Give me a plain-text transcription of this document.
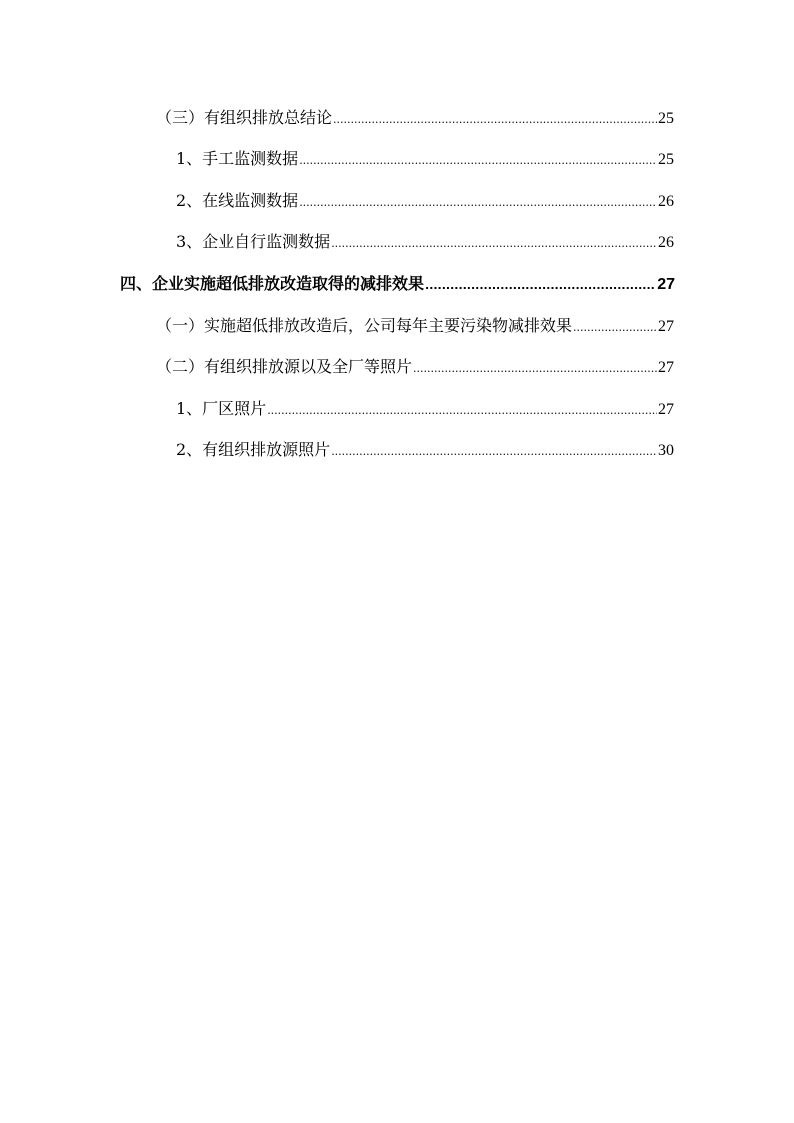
（三）有组织排放总结论 .....	25
1、手工监测数据 .....	25
2、在线监测数据 .....	26
3、企业自行监测数据 .....	26
四、企业实施超低排放改造取得的减排效果 .....	27
（一）实施超低排放改造后，公司每年主要污染物减排效果 .....	27
（二）有组织排放源以及全厂等照片 .....	27
1、厂区照片 .....	27
2、有组织排放源照片 .....	30
